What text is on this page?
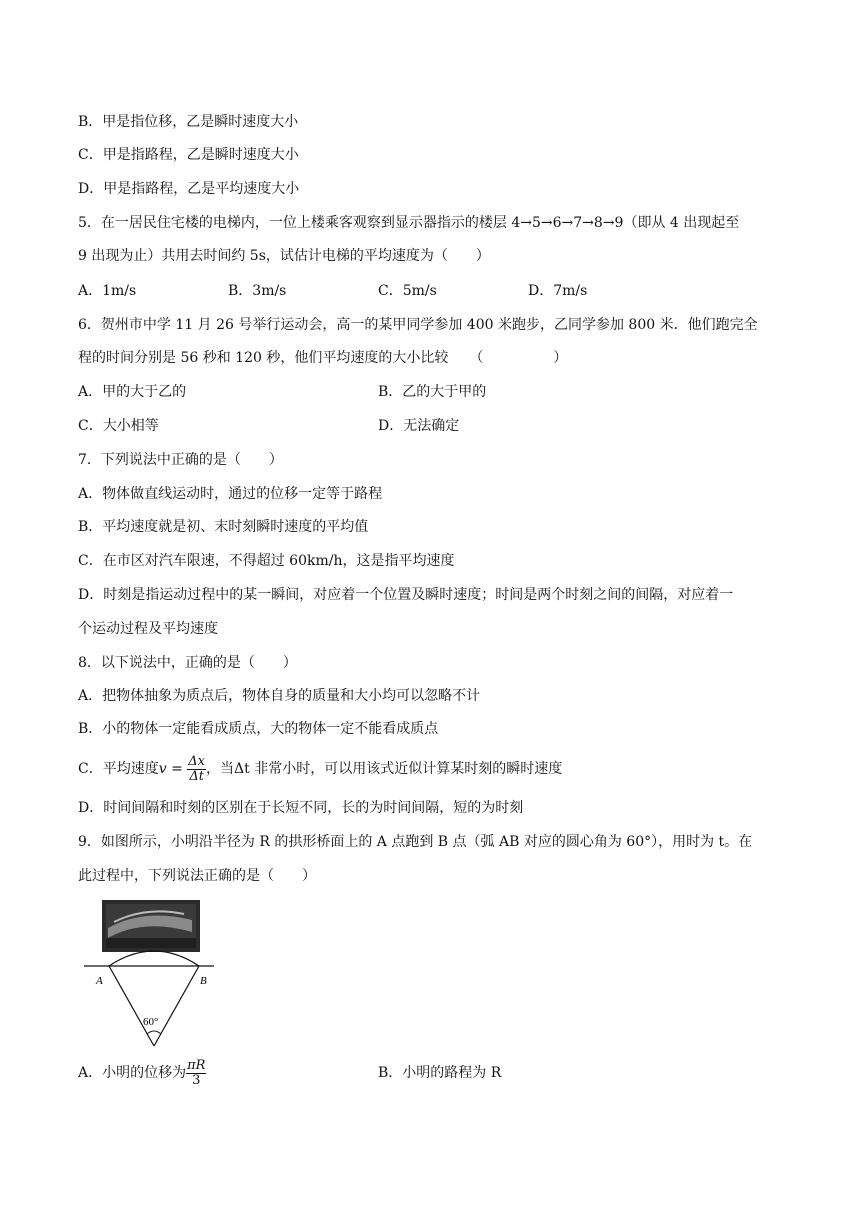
B．甲是指位移，乙是瞬时速度大小
C．甲是指路程，乙是瞬时速度大小
D．甲是指路程，乙是平均速度大小
5．在一居民住宅楼的电梯内，一位上楼乘客观察到显示器指示的楼层 4→5→6→7→8→9（即从 4 出现起至
9 出现为止）共用去时间约 5s，试估计电梯的平均速度为（　　）
A．1m/s	B．3m/s	C．5m/s	D．7m/s
6．贺州市中学 11 月 26 号举行运动会，高一的某甲同学参加 400 米跑步，乙同学参加 800 米．他们跑完全
程的时间分别是 56 秒和 120 秒，他们平均速度的大小比较　　（　　　　　）
A．甲的大于乙的	B．乙的大于甲的
C．大小相等	D．无法确定
7．下列说法中正确的是（　　）
A．物体做直线运动时，通过的位移一定等于路程
B．平均速度就是初、末时刻瞬时速度的平均值
C．在市区对汽车限速，不得超过 60km/h，这是指平均速度
D．时刻是指运动过程中的某一瞬间，对应着一个位置及瞬时速度；时间是两个时刻之间的间隔，对应着一
个运动过程及平均速度
8．以下说法中，正确的是（　　）
A．把物体抽象为质点后，物体自身的质量和大小均可以忽略不计
B．小的物体一定能看成质点，大的物体一定不能看成质点
C．平均速度$v = \frac{\Delta x}{\Delta t}$ ，当Δt 非常小时，可以用该式近似计算某时刻的瞬时速度
D．时间间隔和时刻的区别在于长短不同，长的为时间间隔，短的为时刻
9．如图所示，小明沿半径为 R 的拱形桥面上的 A 点跑到 B 点（弧 AB 对应的圆心角为 60°），用时为 t。在
此过程中，下列说法正确的是（　　）
A	B
60°
A．小明的位移为 $\frac{\pi R}{3}$	B．小明的路程为 R
